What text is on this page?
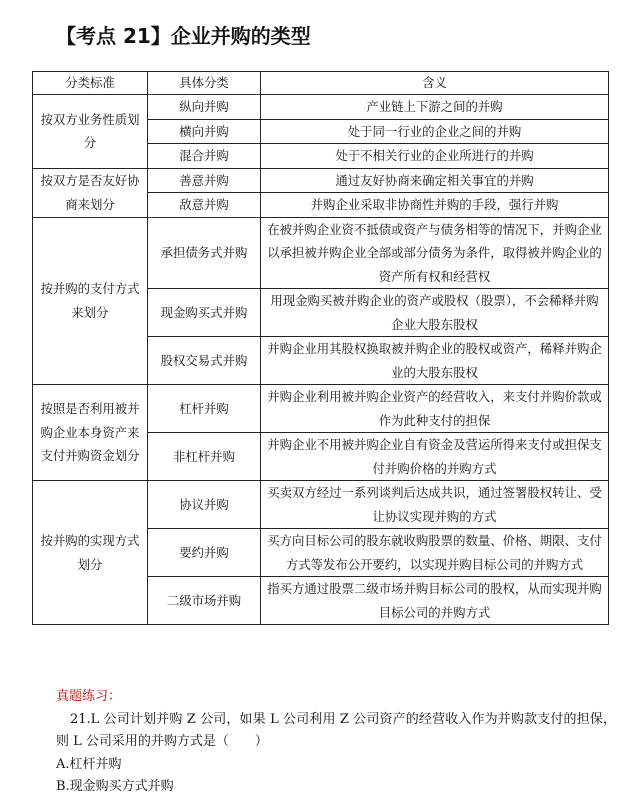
【考点 21】企业并购的类型
分类标准	具体分类	含义
按双方业务性质划分	纵向并购	产业链上下游之间的并购
	横向并购	处于同一行业的企业之间的并购
	混合并购	处于不相关行业的企业所进行的并购
按双方是否友好协商来划分	善意并购	通过友好协商来确定相关事宜的并购
	敌意并购	并购企业采取非协商性并购的手段，强行并购
按并购的支付方式来划分	承担债务式并购	在被并购企业资不抵债或资产与债务相等的情况下，并购企业以承担被并购企业全部或部分债务为条件，取得被并购企业的资产所有权和经营权
	现金购买式并购	用现金购买被并购企业的资产或股权（股票），不会稀释并购企业大股东股权
	股权交易式并购	并购企业用其股权换取被并购企业的股权或资产，稀释并购企业的大股东股权
按照是否利用被并购企业本身资产来支付并购资金划分	杠杆并购	并购企业利用被并购企业资产的经营收入，来支付并购价款或作为此种支付的担保
	非杠杆并购	并购企业不用被并购企业自有资金及营运所得来支付或担保支付并购价格的并购方式
按并购的实现方式划分	协议并购	买卖双方经过一系列谈判后达成共识，通过签署股权转让、受让协议实现并购的方式
	要约并购	买方向目标公司的股东就收购股票的数量、价格、期限、支付方式等发布公开要约，以实现并购目标公司的并购方式
	二级市场并购	指买方通过股票二级市场并购目标公司的股权，从而实现并购目标公司的并购方式
真题练习：
21.L 公司计划并购 Z 公司，如果 L 公司利用 Z 公司资产的经营收入作为并购款支付的担保，则 L 公司采用的并购方式是（　　）
A.杠杆并购
B.现金购买方式并购
